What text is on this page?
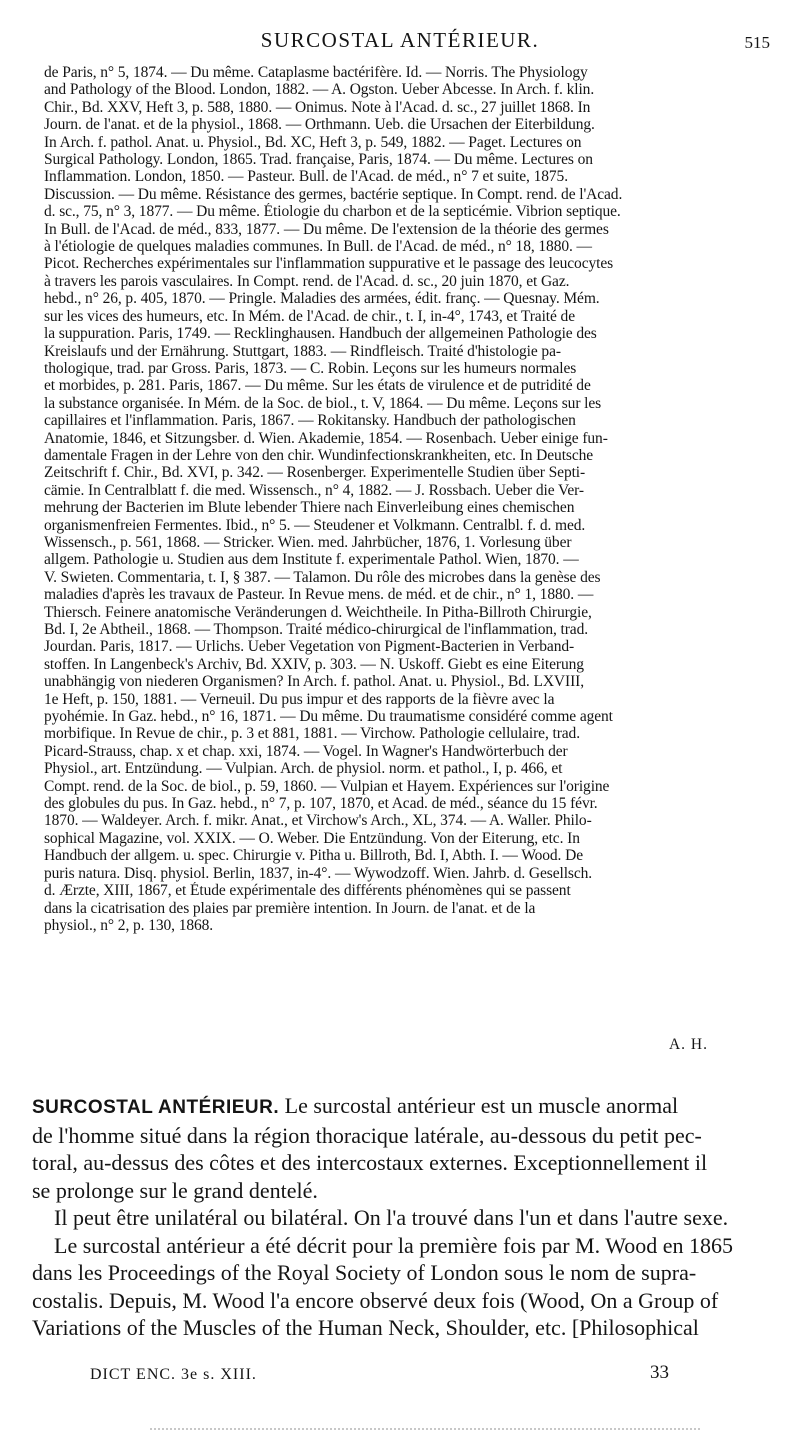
SURCOSTAL ANTÉRIEUR.	515
de Paris, n° 5, 1874. — Du même. Cataplasme bactérifère. Id. — Norris. The Physiology
and Pathology of the Blood. London, 1882. — A. Ogston. Ueber Abcesse. In Arch. f. klin.
Chir., Bd. XXV, Heft 3, p. 588, 1880. — Onimus. Note à l'Acad. d. sc., 27 juillet 1868. In
Journ. de l'anat. et de la physiol., 1868. — Orthmann. Ueb. die Ursachen der Eiterbildung.
In Arch. f. pathol. Anat. u. Physiol., Bd. XC, Heft 3, p. 549, 1882. — Paget. Lectures on
Surgical Pathology. London, 1865. Trad. française, Paris, 1874. — Du même. Lectures on
Inflammation. London, 1850. — Pasteur. Bull. de l'Acad. de méd., n° 7 et suite, 1875.
Discussion. — Du même. Résistance des germes, bactérie septique. In Compt. rend. de l'Acad.
d. sc., 75, n° 3, 1877. — Du même. Étiologie du charbon et de la septicémie. Vibrion septique.
In Bull. de l'Acad. de méd., 833, 1877. — Du même. De l'extension de la théorie des germes
à l'étiologie de quelques maladies communes. In Bull. de l'Acad. de méd., n° 18, 1880. —
Picot. Recherches expérimentales sur l'inflammation suppurative et le passage des leucocytes
à travers les parois vasculaires. In Compt. rend. de l'Acad. d. sc., 20 juin 1870, et Gaz.
hebd., n° 26, p. 405, 1870. — Pringle. Maladies des armées, édit. franç. — Quesnay. Mém.
sur les vices des humeurs, etc. In Mém. de l'Acad. de chir., t. I, in-4°, 1743, et Traité de
la suppuration. Paris, 1749. — Recklinghausen. Handbuch der allgemeinen Pathologie des
Kreislaufs und der Ernährung. Stuttgart, 1883. — Rindfleisch. Traité d'histologie pa-
thologique, trad. par Gross. Paris, 1873. — C. Robin. Leçons sur les humeurs normales
et morbides, p. 281. Paris, 1867. — Du même. Sur les états de virulence et de putridité de
la substance organisée. In Mém. de la Soc. de biol., t. V, 1864. — Du même. Leçons sur les
capillaires et l'inflammation. Paris, 1867. — Rokitansky. Handbuch der pathologischen
Anatomie, 1846, et Sitzungsber. d. Wien. Akademie, 1854. — Rosenbach. Ueber einige fun-
damentale Fragen in der Lehre von den chir. Wundinfectionskrankheiten, etc. In Deutsche
Zeitschrift f. Chir., Bd. XVI, p. 342. — Rosenberger. Experimentelle Studien über Septi-
cämie. In Centralblatt f. die med. Wissensch., n° 4, 1882. — J. Rossbach. Ueber die Ver-
mehrung der Bacterien im Blute lebender Thiere nach Einverleibung eines chemischen
organismenfreien Fermentes. Ibid., n° 5. — Steudener et Volkmann. Centralbl. f. d. med.
Wissensch., p. 561, 1868. — Stricker. Wien. med. Jahrbücher, 1876, 1. Vorlesung über
allgem. Pathologie u. Studien aus dem Institute f. experimentale Pathol. Wien, 1870. —
V. Swieten. Commentaria, t. I, § 387. — Talamon. Du rôle des microbes dans la genèse des
maladies d'après les travaux de Pasteur. In Revue mens. de méd. et de chir., n° 1, 1880. —
Thiersch. Feinere anatomische Veränderungen d. Weichtheile. In Pitha-Billroth Chirurgie,
Bd. I, 2e Abtheil., 1868. — Thompson. Traité médico-chirurgical de l'inflammation, trad.
Jourdan. Paris, 1817. — Urlichs. Ueber Vegetation von Pigment-Bacterien in Verband-
stoffen. In Langenbeck's Archiv, Bd. XXIV, p. 303. — N. Uskoff. Giebt es eine Eiterung
unabhängig von niederen Organismen? In Arch. f. pathol. Anat. u. Physiol., Bd. LXVIII,
1e Heft, p. 150, 1881. — Verneuil. Du pus impur et des rapports de la fièvre avec la
pyohémie. In Gaz. hebd., n° 16, 1871. — Du même. Du traumatisme considéré comme agent
morbifique. In Revue de chir., p. 3 et 881, 1881. — Virchow. Pathologie cellulaire, trad.
Picard-Strauss, chap. x et chap. xxi, 1874. — Vogel. In Wagner's Handwörterbuch der
Physiol., art. Entzündung. — Vulpian. Arch. de physiol. norm. et pathol., I, p. 466, et
Compt. rend. de la Soc. de biol., p. 59, 1860. — Vulpian et Hayem. Expériences sur l'origine
des globules du pus. In Gaz. hebd., n° 7, p. 107, 1870, et Acad. de méd., séance du 15 févr.
1870. — Waldeyer. Arch. f. mikr. Anat., et Virchow's Arch., XL, 374. — A. Waller. Philo-
sophical Magazine, vol. XXIX. — O. Weber. Die Entzündung. Von der Eiterung, etc. In
Handbuch der allgem. u. spec. Chirurgie v. Pitha u. Billroth, Bd. I, Abth. I. — Wood. De
puris natura. Disq. physiol. Berlin, 1837, in-4°. — Wywodzoff. Wien. Jahrb. d. Gesellsch.
d. Ærzte, XIII, 1867, et Étude expérimentale des différents phénomènes qui se passent
dans la cicatrisation des plaies par première intention. In Journ. de l'anat. et de la
physiol., n° 2, p. 130, 1868.
A. H.

SURCOSTAL ANTÉRIEUR. Le surcostal antérieur est un muscle anormal
de l'homme situé dans la région thoracique latérale, au-dessous du petit pec-
toral, au-dessus des côtes et des intercostaux externes. Exceptionnellement il
se prolonge sur le grand dentelé.

Il peut être unilatéral ou bilatéral. On l'a trouvé dans l'un et dans l'autre sexe.

Le surcostal antérieur a été décrit pour la première fois par M. Wood en 1865
dans les Proceedings of the Royal Society of London sous le nom de supra-
costalis. Depuis, M. Wood l'a encore observé deux fois (Wood, On a Group of
Variations of the Muscles of the Human Neck, Shoulder, etc. [Philosophical

DICT ENC. 3e s. XIII.	33
